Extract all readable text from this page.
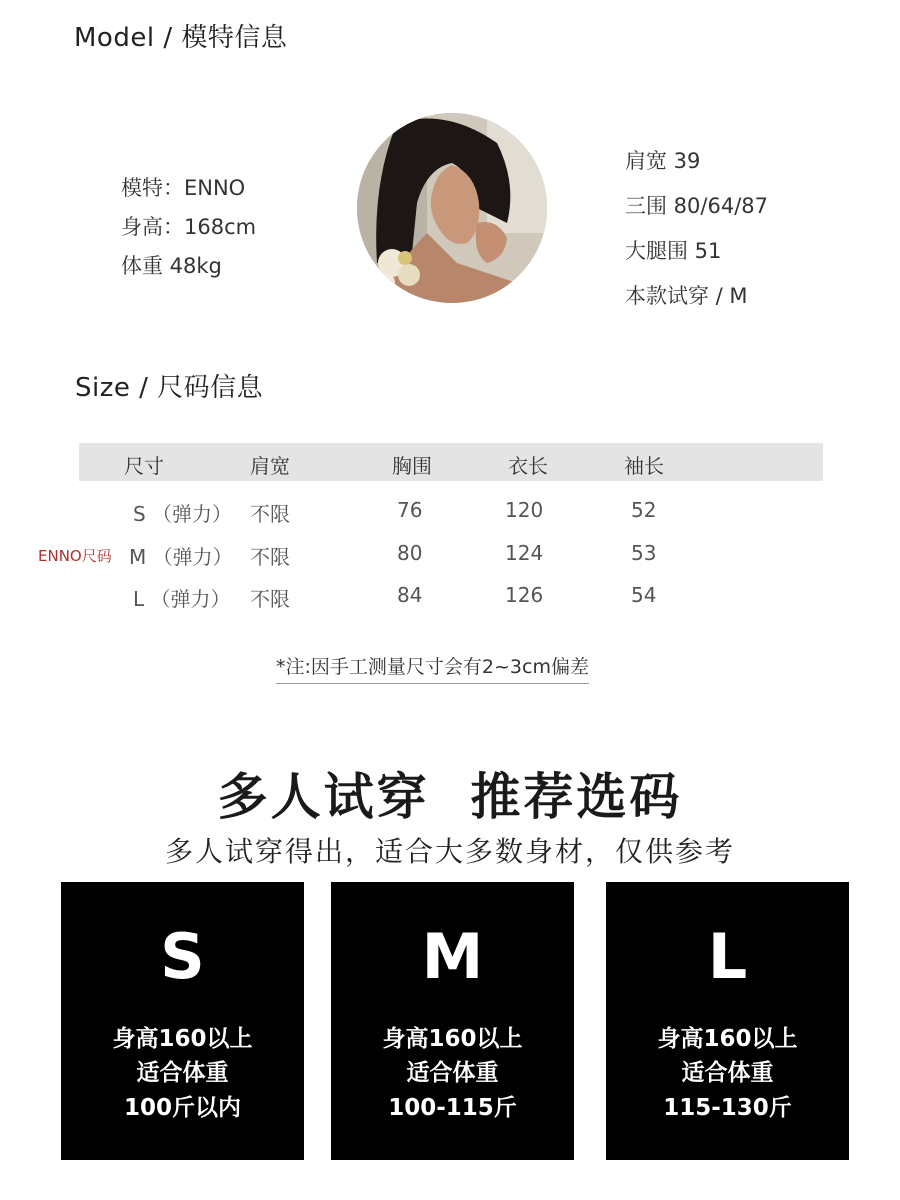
Model / 模特信息
模特：ENNO
身高：168cm
体重 48kg
肩宽 39
三围 80/64/87
大腿围 51
本款试穿 / M
Size / 尺码信息
尺寸	肩宽	胸围	衣长	袖长
S （弹力） 不限	76	120	52
ENNO尺码 M （弹力） 不限	80	124	53
L （弹力） 不限	84	126	54
*注:因手工测量尺寸会有2~3cm偏差
多人试穿  推荐选码
多人试穿得出，适合大多数身材，仅供参考
S
身高160以上
适合体重
100斤以内
M
身高160以上
适合体重
100-115斤
L
身高160以上
适合体重
115-130斤
